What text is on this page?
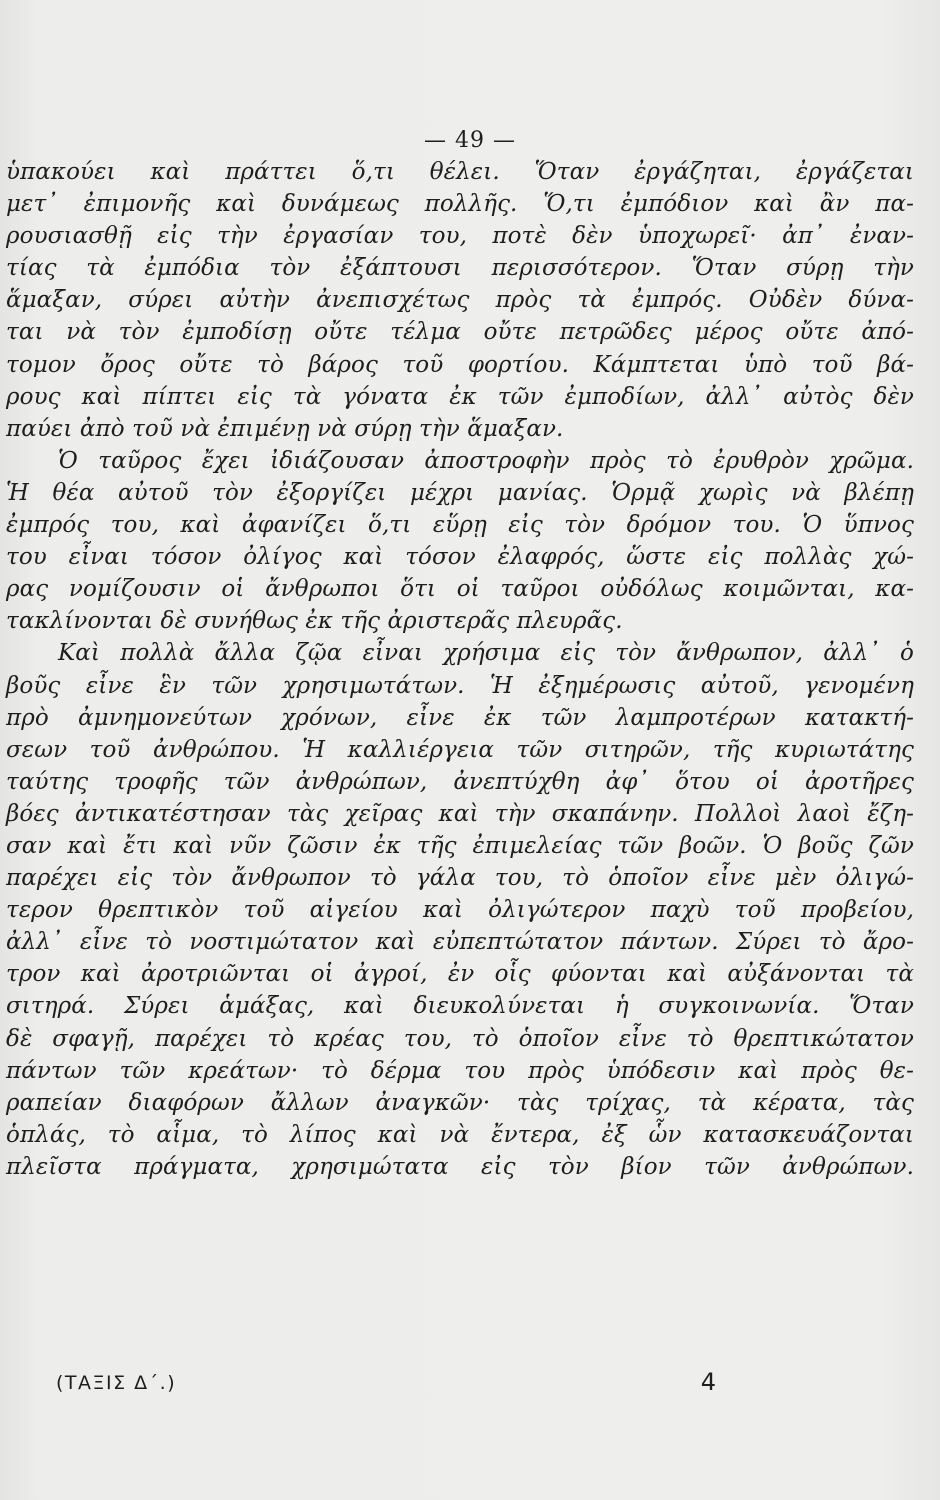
— 49 —
ὑπακούει καὶ πράττει ὅ,τι θέλει. Ὅταν ἐργάζηται, ἐργάζεται
μετ᾽ ἐπιμονῆς καὶ δυνάμεως πολλῆς. Ὅ,τι ἐμπόδιον καὶ ἂν πα-
ρουσιασθῇ εἰς τὴν ἐργασίαν του, ποτὲ δὲν ὑποχωρεῖ· ἀπ᾽ ἐναν-
τίας τὰ ἐμπόδια τὸν ἐξάπτουσι περισσότερον. Ὅταν σύρῃ τὴν
ἅμαξαν, σύρει αὐτὴν ἀνεπισχέτως πρὸς τὰ ἐμπρός. Οὐδὲν δύνα-
ται νὰ τὸν ἐμποδίσῃ οὔτε τέλμα οὔτε πετρῶδες μέρος οὔτε ἀπό-
τομον ὄρος οὔτε τὸ βάρος τοῦ φορτίου. Κάμπτεται ὑπὸ τοῦ βά-
ρους καὶ πίπτει εἰς τὰ γόνατα ἐκ τῶν ἐμποδίων, ἀλλ᾽ αὐτὸς δὲν
παύει ἀπὸ τοῦ νὰ ἐπιμένῃ νὰ σύρῃ τὴν ἅμαξαν.
Ὁ ταῦρος ἔχει ἰδιάζουσαν ἀποστροφὴν πρὸς τὸ ἐρυθρὸν χρῶμα.
Ἡ θέα αὐτοῦ τὸν ἐξοργίζει μέχρι μανίας. Ὁρμᾷ χωρὶς νὰ βλέπῃ
ἐμπρός του, καὶ ἀφανίζει ὅ,τι εὕρῃ εἰς τὸν δρόμον του. Ὁ ὕπνος
του εἶναι τόσον ὀλίγος καὶ τόσον ἐλαφρός, ὥστε εἰς πολλὰς χώ-
ρας νομίζουσιν οἱ ἄνθρωποι ὅτι οἱ ταῦροι οὐδόλως κοιμῶνται, κα-
τακλίνονται δὲ συνήθως ἐκ τῆς ἀριστερᾶς πλευρᾶς.
Καὶ πολλὰ ἄλλα ζῷα εἶναι χρήσιμα εἰς τὸν ἄνθρωπον, ἀλλ᾽ ὁ
βοῦς εἶνε ἓν τῶν χρησιμωτάτων. Ἡ ἐξημέρωσις αὐτοῦ, γενομένη
πρὸ ἀμνημονεύτων χρόνων, εἶνε ἐκ τῶν λαμπροτέρων κατακτή-
σεων τοῦ ἀνθρώπου. Ἡ καλλιέργεια τῶν σιτηρῶν, τῆς κυριωτάτης
ταύτης τροφῆς τῶν ἀνθρώπων, ἀνεπτύχθη ἀφ᾽ ὅτου οἱ ἀροτῆρες
βόες ἀντικατέστησαν τὰς χεῖρας καὶ τὴν σκαπάνην. Πολλοὶ λαοὶ ἔζη-
σαν καὶ ἔτι καὶ νῦν ζῶσιν ἐκ τῆς ἐπιμελείας τῶν βοῶν. Ὁ βοῦς ζῶν
παρέχει εἰς τὸν ἄνθρωπον τὸ γάλα του, τὸ ὁποῖον εἶνε μὲν ὀλιγώ-
τερον θρεπτικὸν τοῦ αἰγείου καὶ ὀλιγώτερον παχὺ τοῦ προβείου,
ἀλλ᾽ εἶνε τὸ νοστιμώτατον καὶ εὐπεπτώτατον πάντων. Σύρει τὸ ἄρο-
τρον καὶ ἀροτριῶνται οἱ ἀγροί, ἐν οἷς φύονται καὶ αὐξάνονται τὰ
σιτηρά. Σύρει ἁμάξας, καὶ διευκολύνεται ἡ συγκοινωνία. Ὅταν
δὲ σφαγῇ, παρέχει τὸ κρέας του, τὸ ὁποῖον εἶνε τὸ θρεπτικώτατον
πάντων τῶν κρεάτων· τὸ δέρμα του πρὸς ὑπόδεσιν καὶ πρὸς θε-
ραπείαν διαφόρων ἄλλων ἀναγκῶν· τὰς τρίχας, τὰ κέρατα, τὰς
ὁπλάς, τὸ αἷμα, τὸ λίπος καὶ νὰ ἔντερα, ἐξ ὧν κατασκευάζονται
πλεῖστα πράγματα, χρησιμώτατα εἰς τὸν βίον τῶν ἀνθρώπων.
(ΤΑΞΙΣ Δ΄.)	4
